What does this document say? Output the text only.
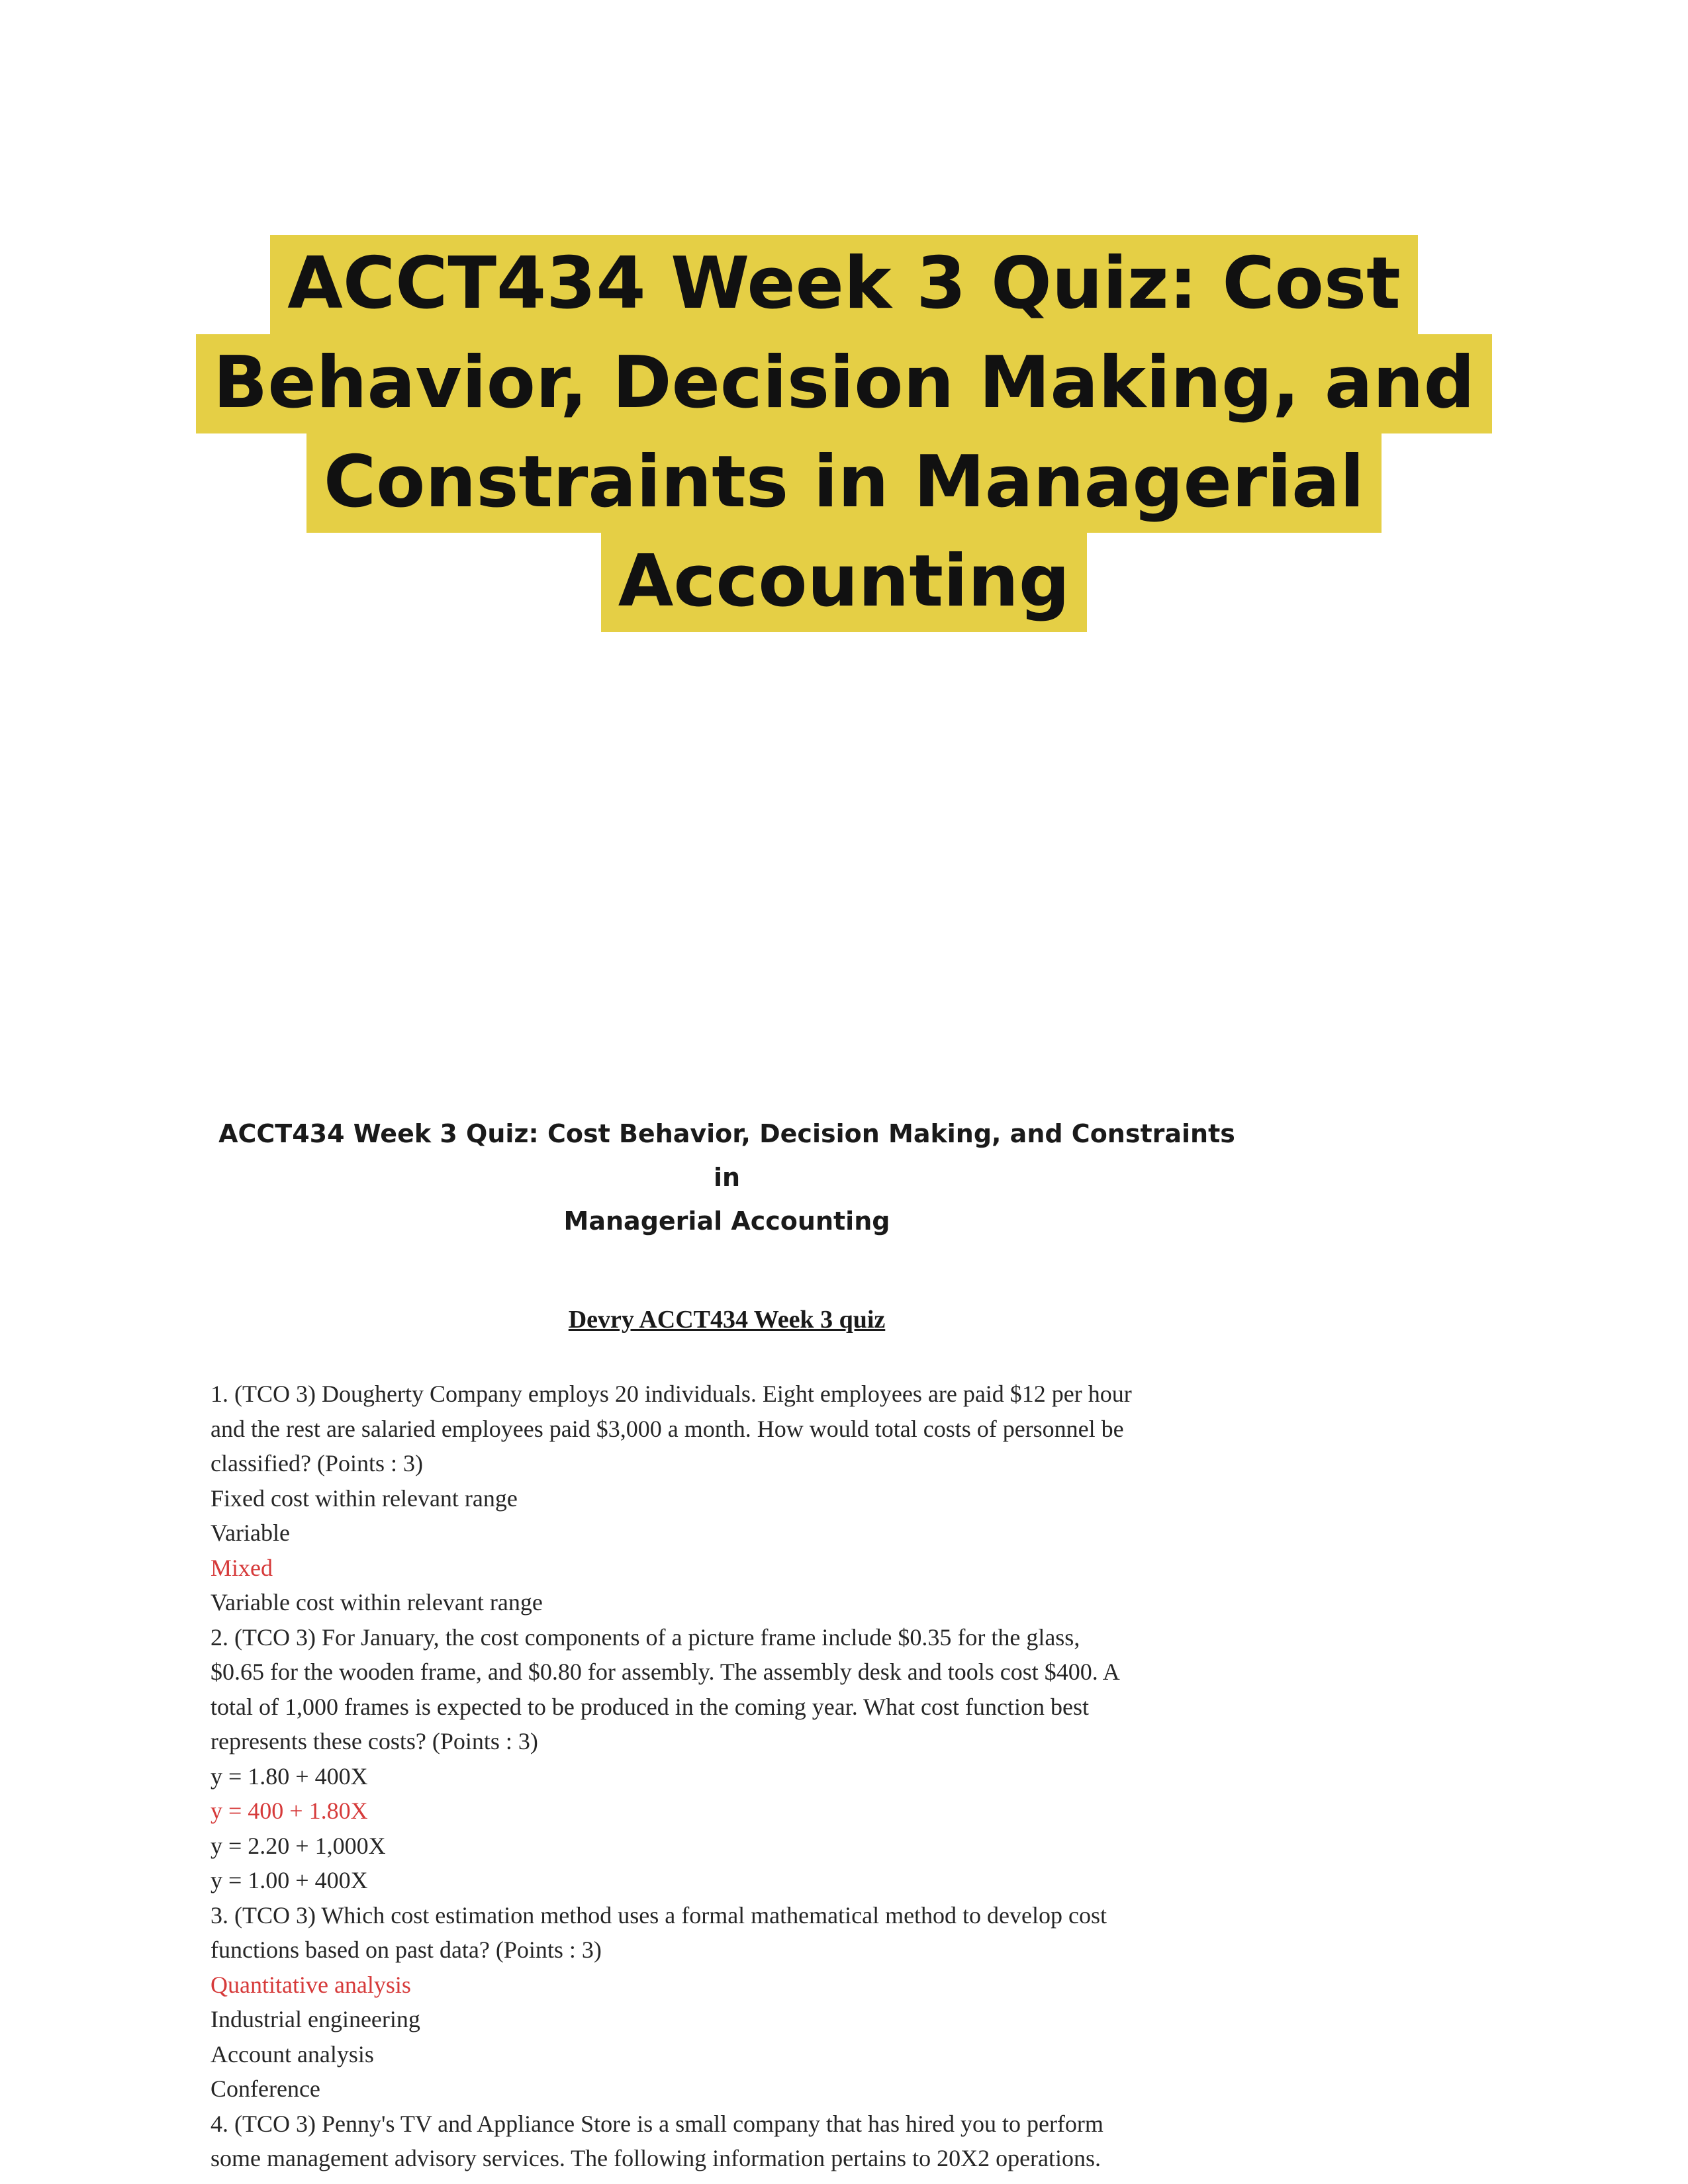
ACCT434 Week 3 Quiz: Cost
Behavior, Decision Making, and
Constraints in Managerial
Accounting
ACCT434 Week 3 Quiz: Cost Behavior, Decision Making, and Constraints in
Managerial Accounting
Devry ACCT434 Week 3 quiz
1. (TCO 3) Dougherty Company employs 20 individuals. Eight employees are paid $12 per hour
and the rest are salaried employees paid $3,000 a month. How would total costs of personnel be
classified? (Points : 3)
Fixed cost within relevant range
Variable
Mixed
Variable cost within relevant range
2. (TCO 3) For January, the cost components of a picture frame include $0.35 for the glass,
$0.65 for the wooden frame, and $0.80 for assembly. The assembly desk and tools cost $400. A
total of 1,000 frames is expected to be produced in the coming year. What cost function best
represents these costs? (Points : 3)
y = 1.80 + 400X
y = 400 + 1.80X
y = 2.20 + 1,000X
y = 1.00 + 400X
3. (TCO 3) Which cost estimation method uses a formal mathematical method to develop cost
functions based on past data? (Points : 3)
Quantitative analysis
Industrial engineering
Account analysis
Conference
4. (TCO 3) Penny's TV and Appliance Store is a small company that has hired you to perform
some management advisory services. The following information pertains to 20X2 operations.
